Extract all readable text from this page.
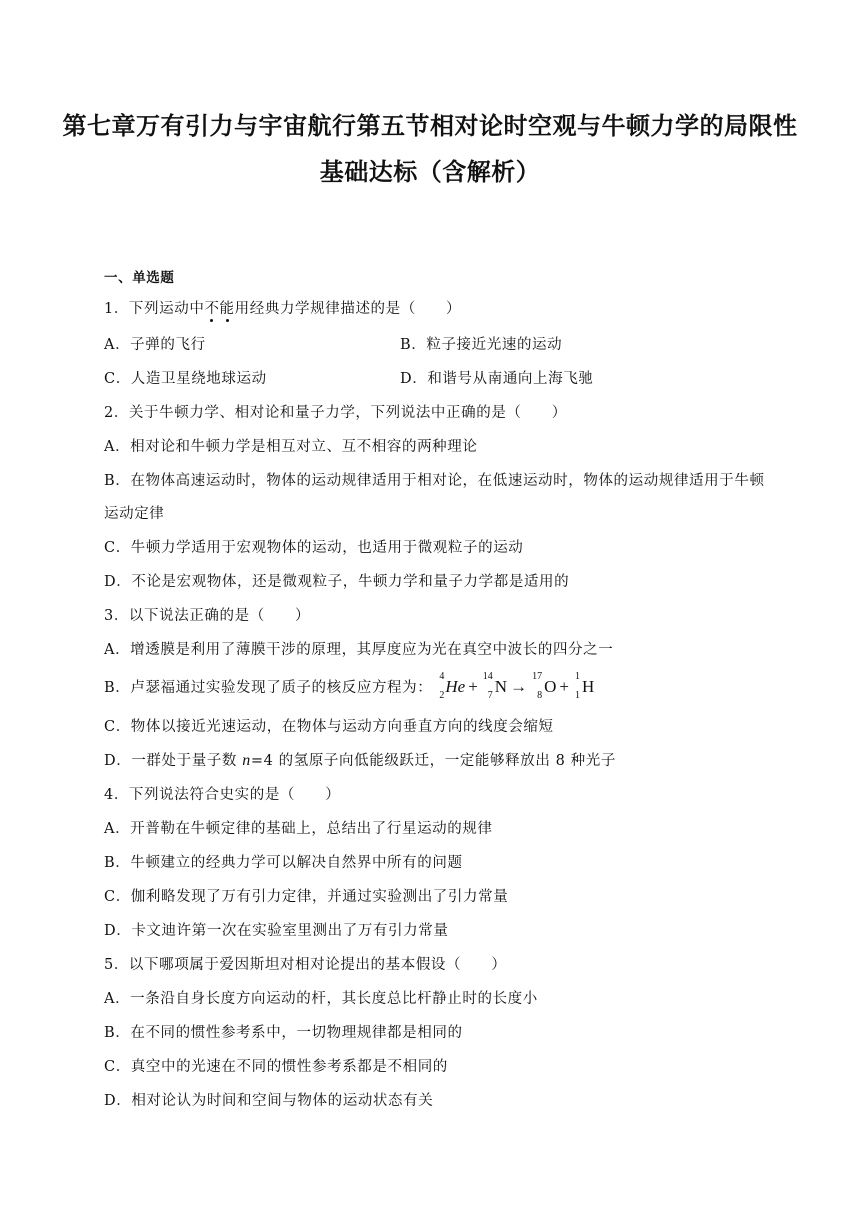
第七章万有引力与宇宙航行第五节相对论时空观与牛顿力学的局限性
基础达标（含解析）
一、单选题
1．下列运动中不能用经典力学规律描述的是（　　）
A．子弹的飞行	B．粒子接近光速的运动
C．人造卫星绕地球运动	D．和谐号从南通向上海飞驰
2．关于牛顿力学、相对论和量子力学，下列说法中正确的是（　　）
A．相对论和牛顿力学是相互对立、互不相容的两种理论
B．在物体高速运动时，物体的运动规律适用于相对论，在低速运动时，物体的运动规律适用于牛顿
运动定律
C．牛顿力学适用于宏观物体的运动，也适用于微观粒子的运动
D．不论是宏观物体，还是微观粒子，牛顿力学和量子力学都是适用的
3．以下说法正确的是（　　）
A．增透膜是利用了薄膜干涉的原理，其厚度应为光在真空中波长的四分之一
B．卢瑟福通过实验发现了质子的核反应方程为：
4
2 He +
14
7 N →
17
8 O +
1
1 H
C．物体以接近光速运动，在物体与运动方向垂直方向的线度会缩短
D．一群处于量子数 n=4 的氢原子向低能级跃迁，一定能够释放出 8 种光子
4．下列说法符合史实的是（　　）
A．开普勒在牛顿定律的基础上，总结出了行星运动的规律
B．牛顿建立的经典力学可以解决自然界中所有的问题
C．伽利略发现了万有引力定律，并通过实验测出了引力常量
D．卡文迪许第一次在实验室里测出了万有引力常量
5．以下哪项属于爱因斯坦对相对论提出的基本假设（　　）
A．一条沿自身长度方向运动的杆，其长度总比杆静止时的长度小
B．在不同的惯性参考系中，一切物理规律都是相同的
C．真空中的光速在不同的惯性参考系都是不相同的
D．相对论认为时间和空间与物体的运动状态有关
